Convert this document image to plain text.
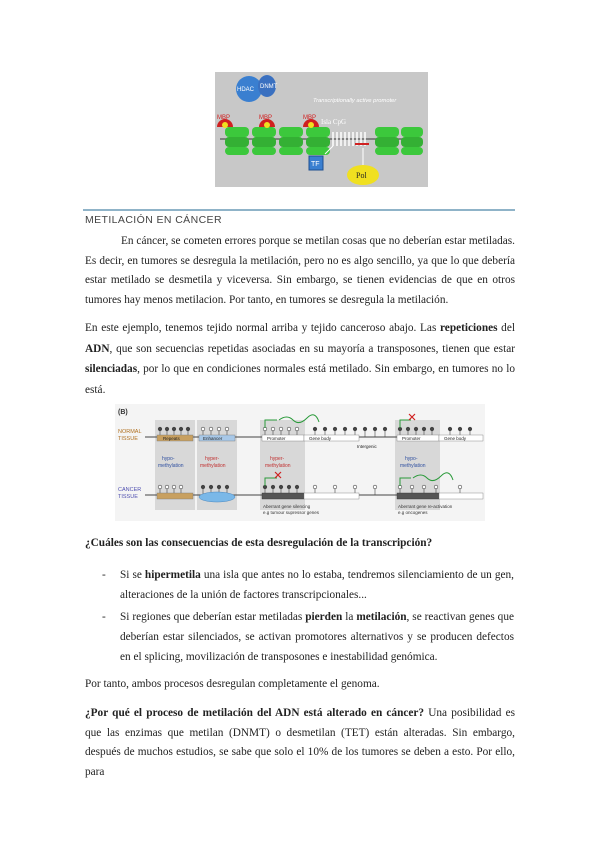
MBP	MBP	MBP
HDAC DNMT
Transcriptionally active promoter
Isla CpG
TF
Pol
METILACIÓN EN CÁNCER

En cáncer, se cometen errores porque se metilan cosas que no deberían estar metiladas. Es decir, en tumores se desregula la metilación, pero no es algo sencillo, ya que lo que debería estar metilado se desmetila y viceversa. Sin embargo, se tienen evidencias de que en otros tumores hay menos metilacion. Por tanto, en tumores se desregula la metilación.

En este ejemplo, tenemos tejido normal arriba y tejido canceroso abajo. Las repeticiones del ADN, que son secuencias repetidas asociadas en su mayoría a transposones, tienen que estar silenciadas, por lo que en condiciones normales está metilado. Sin embargo, en tumores no lo está.

(B)
NORMAL
TISSUE
CANCER
TISSUE
Repeats	Enhancer	Promoter	Gene body
Intergenic
Promoter	Gene body
hypo-
methylation
hyper-
methylation
hyper-
methylation
hypo-
methylation
Aberrant gene silencing
e.g tumour supressor genes
Aberrant gene re-activation
e.g oncogenes
¿Cuáles son las consecuencias de esta desregulación de la transcripción?
- Si se hipermetila una isla que antes no lo estaba, tendremos silenciamiento de un gen, alteraciones de la unión de factores transcripcionales...
- Si regiones que deberían estar metiladas pierden la metilación, se reactivan genes que deberían estar silenciados, se activan promotores alternativos y se producen defectos en el splicing, movilización de transposones e inestabilidad genómica.
Por tanto, ambos procesos desregulan completamente el genoma.

¿Por qué el proceso de metilación del ADN está alterado en cáncer? Una posibilidad es que las enzimas que metilan (DNMT) o desmetilan (TET) están alteradas. Sin embargo, después de muchos estudios, se sabe que solo el 10% de los tumores se deben a esto. Por ello, para
